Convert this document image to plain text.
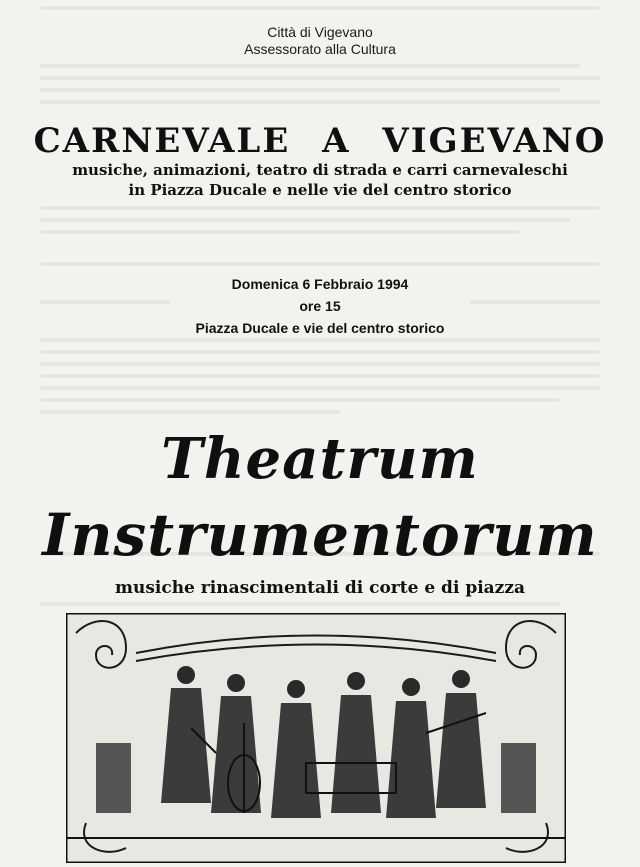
Città di Vigevano
Assessorato alla Cultura
CARNEVALE A VIGEVANO
musiche, animazioni, teatro di strada e carri carnevaleschi
in Piazza Ducale e nelle vie del centro storico
Domenica 6 Febbraio 1994
ore 15
Piazza Ducale e vie del centro storico
Theatrum
Instrumentorum
musiche rinascimentali di corte e di piazza
